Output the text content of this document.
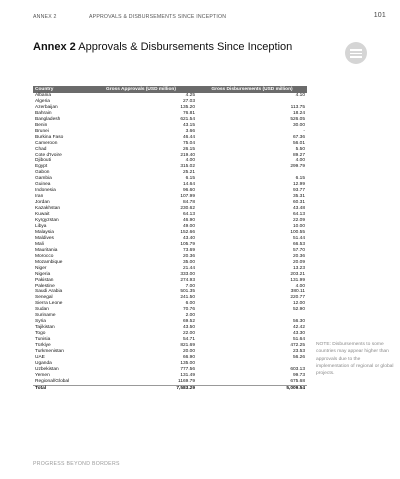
ANNEX 2	APPROVALS & DISBURSEMENTS SINCE INCEPTION	101
Annex 2 Approvals & Disbursements Since Inception
Country	Gross Approvals (USD million)	Gross Disbursements (USD million)
Albania	4.25	4.10
Algeria	27.03	
Azerbaijan	135.20	113.75
Bahrain	76.81	18.24
Bangladesh	621.54	526.05
Benin	43.15	30.00
Brunei	3.66	-
Burkina Faso	46.44	67.36
Cameroon	75.04	56.01
Chad	26.15	5.50
Cote d'Ivoire	219.40	89.27
Djibouti	4.00	4.00
Egypt	315.02	299.79
Gabon	25.21	
Gambia	6.15	6.15
Guinea	14.64	12.99
Indonesia	96.60	93.77
Iran	107.99	35.31
Jordan	84.78	60.31
Kazakhstan	230.62	43.48
Kuwait	64.13	64.13
Kyrgyzstan	46.90	22.09
Libya	49.00	10.00
Malaysia	152.66	100.55
Maldives	43.40	51.44
Mali	105.79	66.53
Mauritania	73.69	57.70
Morocco	20.36	20.36
Mozambique	35.00	20.09
Niger	21.44	13.23
Nigeria	333.00	203.21
Pakistan	274.93	131.99
Palestine	7.00	4.00
Saudi Arabia	501.35	380.11
Senegal	241.50	220.77
Sierra Leone	6.00	12.00
Sudan	70.76	52.90
Suriname	2.00	
Syria	69.52	56.30
Tajikistan	43.50	42.42
Togo	22.00	43.30
Tunisia	54.71	51.64
Türkiye	821.69	472.25
Turkmenistan	20.00	23.53
UAE	66.90	56.26
Uganda	135.00	
Uzbekistan	777.56	603.13
Yemen	131.49	99.73
Regional/Global	1169.79	675.68
Total	7,583.29	5,009.54
NOTE: Disbursements to some countries may appear higher than approvals due to the implementation of regional or global projects.
PROGRESS BEYOND BORDERS
